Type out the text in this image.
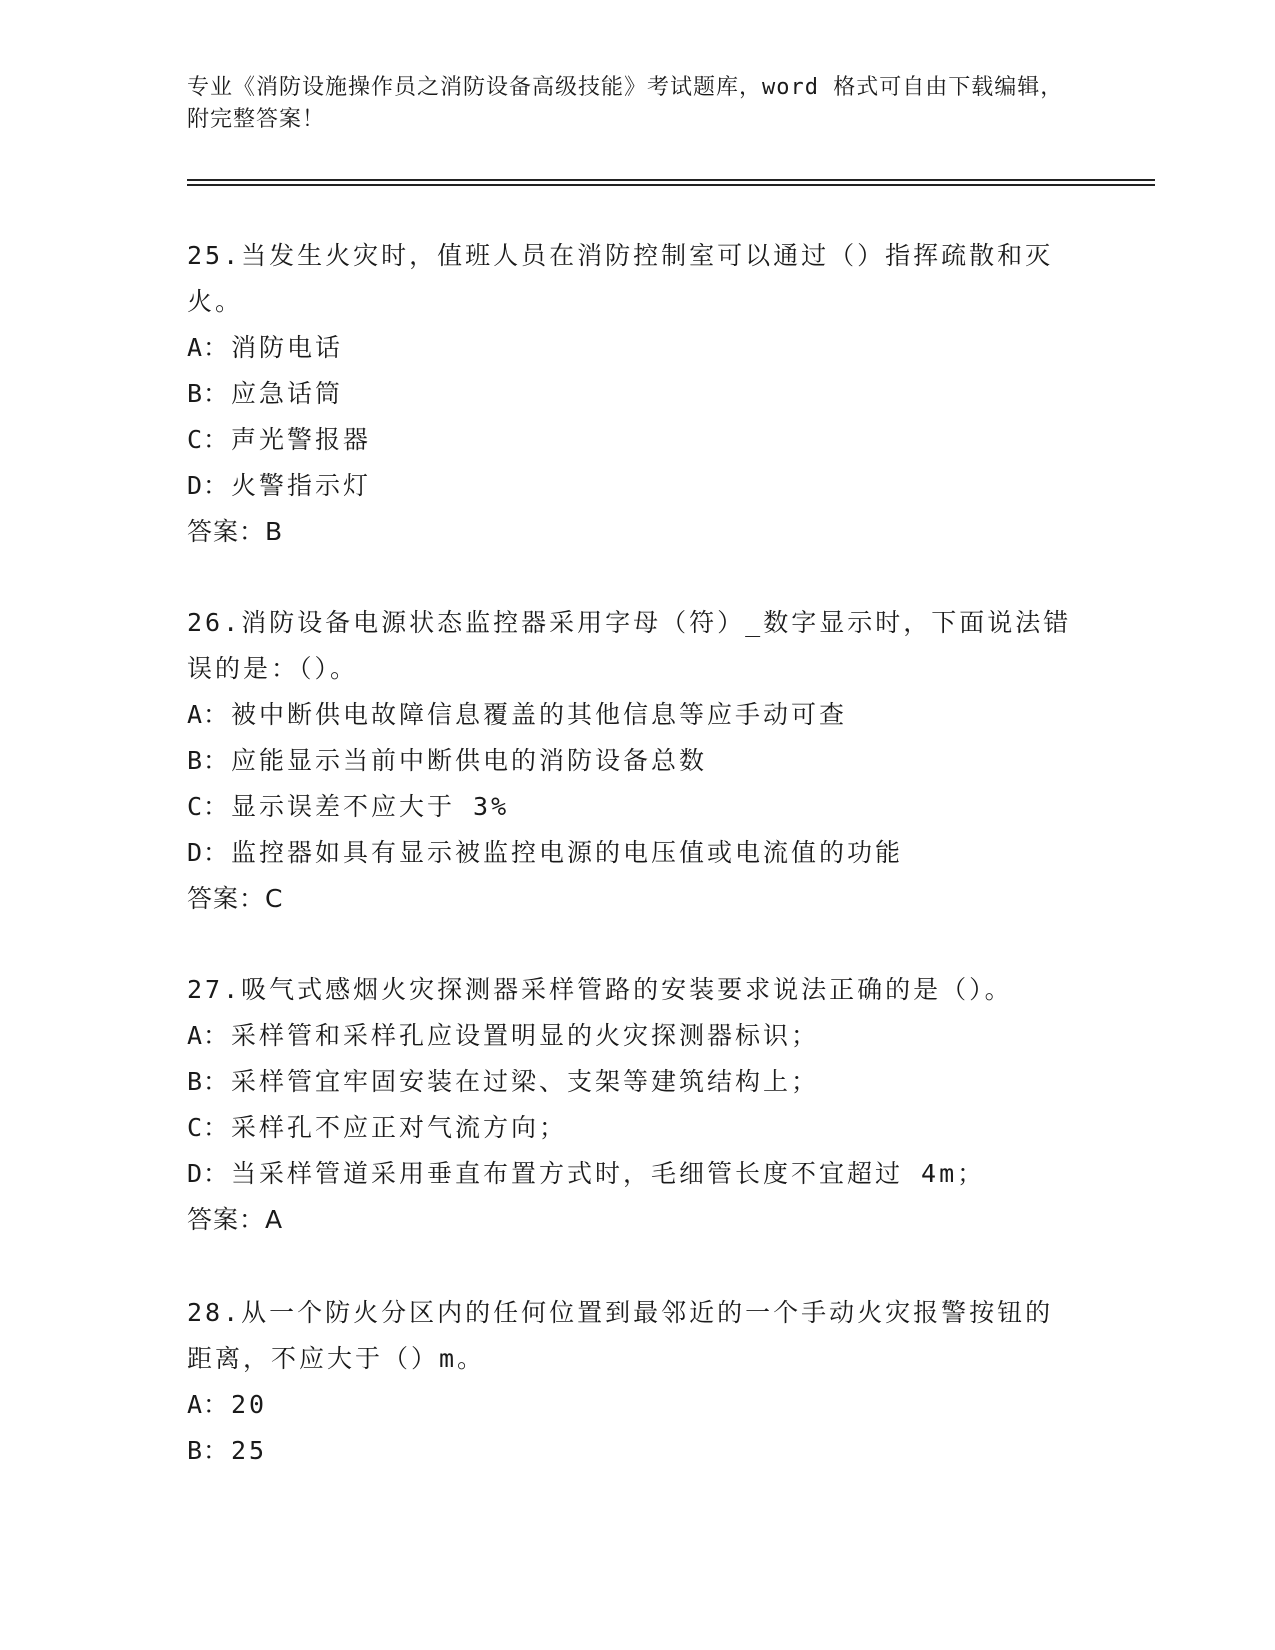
专业《消防设施操作员之消防设备高级技能》考试题库，word 格式可自由下载编辑，附完整答案！

25.当发生火灾时，值班人员在消防控制室可以通过（）指挥疏散和灭火。

A：消防电话

B：应急话筒

C：声光警报器

D：火警指示灯

答案：B

26.消防设备电源状态监控器采用字母（符）_数字显示时，下面说法错误的是：（）。

A：被中断供电故障信息覆盖的其他信息等应手动可查

B：应能显示当前中断供电的消防设备总数

C：显示误差不应大于 3%

D：监控器如具有显示被监控电源的电压值或电流值的功能

答案：C

27.吸气式感烟火灾探测器采样管路的安装要求说法正确的是（）。

A：采样管和采样孔应设置明显的火灾探测器标识；

B：采样管宜牢固安装在过梁、支架等建筑结构上；

C：采样孔不应正对气流方向；

D：当采样管道采用垂直布置方式时，毛细管长度不宜超过 4m；

答案：A

28.从一个防火分区内的任何位置到最邻近的一个手动火灾报警按钮的距离，不应大于（）m。

A：20

B：25
